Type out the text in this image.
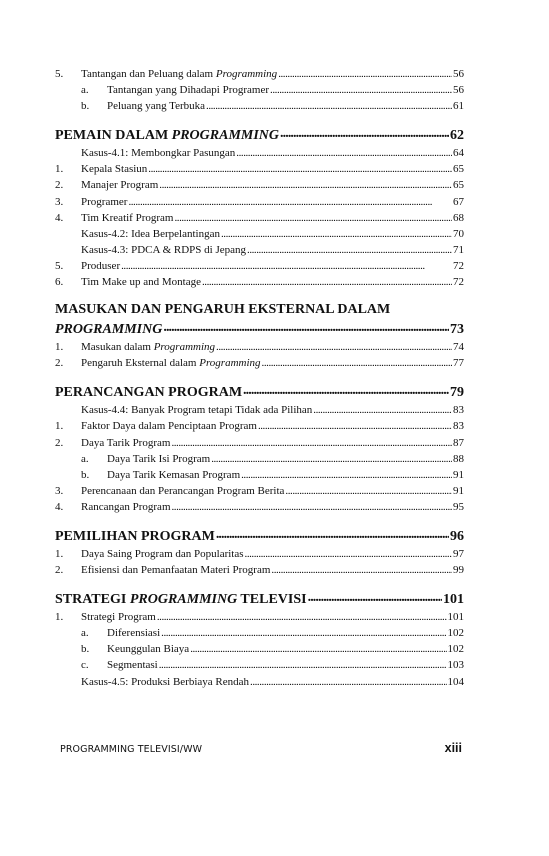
5.	Tantangan dan Peluang dalam Programming . . .	56
a.	Tantangan yang Dihadapi Programer . . .	56
b.	Peluang yang Terbuka . . .	61
PEMAIN DALAM PROGRAMMING . . .	62
Kasus-4.1: Membongkar Pasungan . . .	64
1.	Kepala Stasiun . . .	65
2.	Manajer Program . . .	65
3.	Programer . . .	67
4.	Tim Kreatif Program . . .	68
Kasus-4.2: Idea Berpelantingan . . .	70
Kasus-4.3: PDCA & RDPS di Jepang . . .	71
5.	Produser . . .	72
6.	Tim Make up and Montage . . .	72
MASUKAN DAN PENGARUH EKSTERNAL DALAM
PROGRAMMING . . .	73
1.	Masukan dalam Programming . . .	74
2.	Pengaruh Eksternal dalam Programming . . .	77
PERANCANGAN PROGRAM . . .	79
Kasus-4.4: Banyak Program tetapi Tidak ada Pilihan . . .	83
1.	Faktor Daya dalam Penciptaan Program . . .	83
2.	Daya Tarik Program . . .	87
a.	Daya Tarik Isi Program . . .	88
b.	Daya Tarik Kemasan Program . . .	91
3.	Perencanaan dan Perancangan Program Berita . . .	91
4.	Rancangan Program . . .	95
PEMILIHAN PROGRAM . . .	96
1.	Daya Saing Program dan Popularitas . . .	97
2.	Efisiensi dan Pemanfaatan Materi Program . . .	99
STRATEGI PROGRAMMING TELEVISI . . .	101
1.	Strategi Program . . .	101
a.	Diferensiasi . . .	102
b.	Keunggulan Biaya . . .	102
c.	Segmentasi . . .	103
Kasus-4.5: Produksi Berbiaya Rendah . . .	104
PROGRAMMING TELEVISI/WW	xiii
